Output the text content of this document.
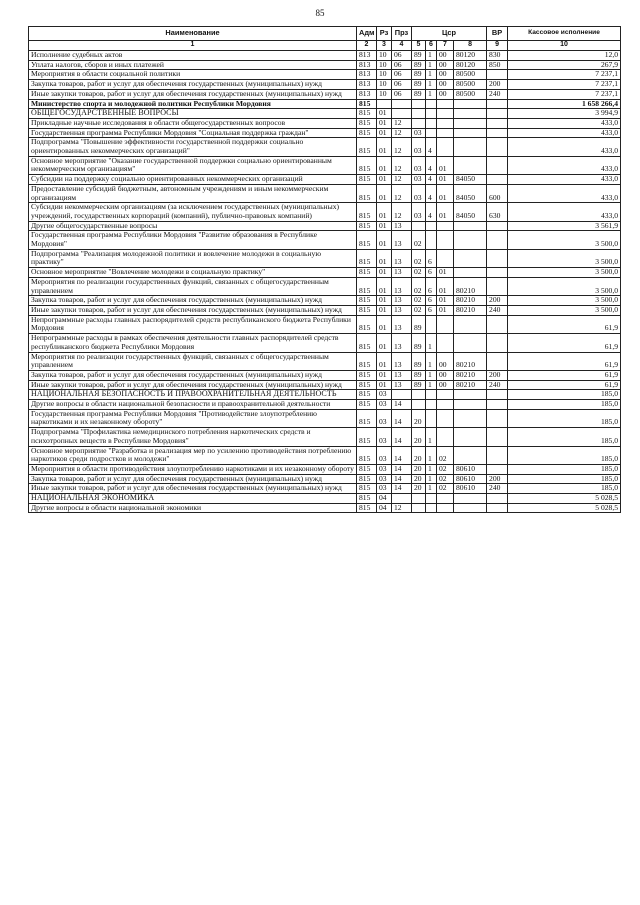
85
Наименование	Адм	Рз	Прз	Цср				ВР	Кассовое исполнение
1	2	3	4	5	6	7	8	9	10
Исполнение судебных актов	813	10	06	89	1	00	80120	830	12,0
Уплата налогов, сборов и иных платежей	813	10	06	89	1	00	80120	850	267,9
Мероприятия в области социальной политики	813	10	06	89	1	00	80500		7 237,1
Закупка товаров, работ и услуг для обеспечения государственных (муниципальных) нужд	813	10	06	89	1	00	80500	200	7 237,1
Иные закупки товаров, работ и услуг для обеспечения государственных (муниципальных) нужд	813	10	06	89	1	00	80500	240	7 237,1
Министерство спорта и молодежной политики Республики Мордовия	815								1 658 266,4
ОБЩЕГОСУДАРСТВЕННЫЕ ВОПРОСЫ	815	01							3 994,9
Прикладные научные исследования в области общегосударственных вопросов	815	01	12						433,0
Государственная программа Республики Мордовия "Социальная поддержка граждан"	815	01	12	03					433,0
Подпрограмма "Повышение эффективности государственной поддержки социально ориентированных некоммерческих организаций"	815	01	12	03	4				433,0
Основное мероприятие "Оказание государственной поддержки социально ориентированным некоммерческим организациям"	815	01	12	03	4	01			433,0
Субсидии на поддержку социально ориентированных некоммерческих организаций	815	01	12	03	4	01	84050		433,0
Предоставление субсидий бюджетным, автономным учреждениям и иным некоммерческим организациям	815	01	12	03	4	01	84050	600	433,0
Субсидии некоммерческим организациям (за исключением государственных (муниципальных) учреждений, государственных корпораций (компаний), публично-правовых компаний)	815	01	12	03	4	01	84050	630	433,0
Другие общегосударственные вопросы	815	01	13						3 561,9
Государственная программа Республики Мордовия "Развитие образования в Республике Мордовия"	815	01	13	02					3 500,0
Подпрограмма "Реализация молодежной политики и вовлечение молодежи в социальную практику"	815	01	13	02	6				3 500,0
Основное мероприятие "Вовлечение молодежи в социальную практику"	815	01	13	02	6	01			3 500,0
Мероприятия по реализации государственных функций, связанных с общегосударственным управлением	815	01	13	02	6	01	80210		3 500,0
Закупка товаров, работ и услуг для обеспечения государственных (муниципальных) нужд	815	01	13	02	6	01	80210	200	3 500,0
Иные закупки товаров, работ и услуг для обеспечения государственных (муниципальных) нужд	815	01	13	02	6	01	80210	240	3 500,0
Непрограммные расходы главных распорядителей средств республиканского бюджета Республики Мордовия	815	01	13	89					61,9
Непрограммные расходы в рамках обеспечения деятельности главных распорядителей средств республиканского бюджета Республики Мордовия	815	01	13	89	1				61,9
Мероприятия по реализации государственных функций, связанных с общегосударственным управлением	815	01	13	89	1	00	80210		61,9
Закупка товаров, работ и услуг для обеспечения государственных (муниципальных) нужд	815	01	13	89	1	00	80210	200	61,9
Иные закупки товаров, работ и услуг для обеспечения государственных (муниципальных) нужд	815	01	13	89	1	00	80210	240	61,9
НАЦИОНАЛЬНАЯ БЕЗОПАСНОСТЬ И ПРАВООХРАНИТЕЛЬНАЯ ДЕЯТЕЛЬНОСТЬ	815	03							185,0
Другие вопросы в области национальной безопасности и правоохранительной деятельности	815	03	14						185,0
Государственная программа Республики Мордовия "Противодействие злоупотреблению наркотиками и их незаконному обороту"	815	03	14	20					185,0
Подпрограмма "Профилактика немедицинского потребления наркотических средств и психотропных веществ в Республике Мордовия"	815	03	14	20	1				185,0
Основное мероприятие "Разработка и реализация мер по усилению противодействия потреблению наркотиков среди подростков и молодежи"	815	03	14	20	1	02			185,0
Мероприятия в области противодействия злоупотреблению наркотиками и их незаконному обороту	815	03	14	20	1	02	80610		185,0
Закупка товаров, работ и услуг для обеспечения государственных (муниципальных) нужд	815	03	14	20	1	02	80610	200	185,0
Иные закупки товаров, работ и услуг для обеспечения государственных (муниципальных) нужд	815	03	14	20	1	02	80610	240	185,0
НАЦИОНАЛЬНАЯ ЭКОНОМИКА	815	04							5 028,5
Другие вопросы в области национальной экономики	815	04	12						5 028,5
